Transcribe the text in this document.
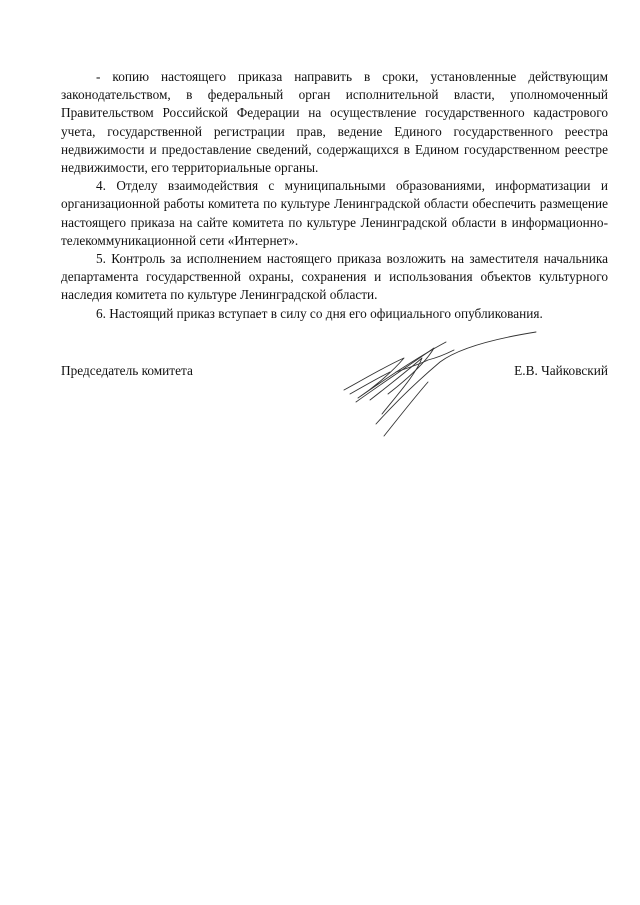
- копию настоящего приказа направить в сроки, установленные действующим законодательством, в федеральный орган исполнительной власти, уполномоченный Правительством Российской Федерации на осуществление государственного кадастрового учета, государственной регистрации прав, ведение Единого государственного реестра недвижимости и предоставление сведений, содержащихся в Едином государственном реестре недвижимости, его территориальные органы.

4. Отделу взаимодействия с муниципальными образованиями, информатизации и организационной работы комитета по культуре Ленинградской области обеспечить размещение настоящего приказа на сайте комитета по культуре Ленинградской области в информационно-телекоммуникационной сети «Интернет».

5. Контроль за исполнением настоящего приказа возложить на заместителя начальника департамента государственной охраны, сохранения и использования объектов культурного наследия комитета по культуре Ленинградской области.

6. Настоящий приказ вступает в силу со дня его официального опубликования.

Председатель комитета	Е.В. Чайковский
